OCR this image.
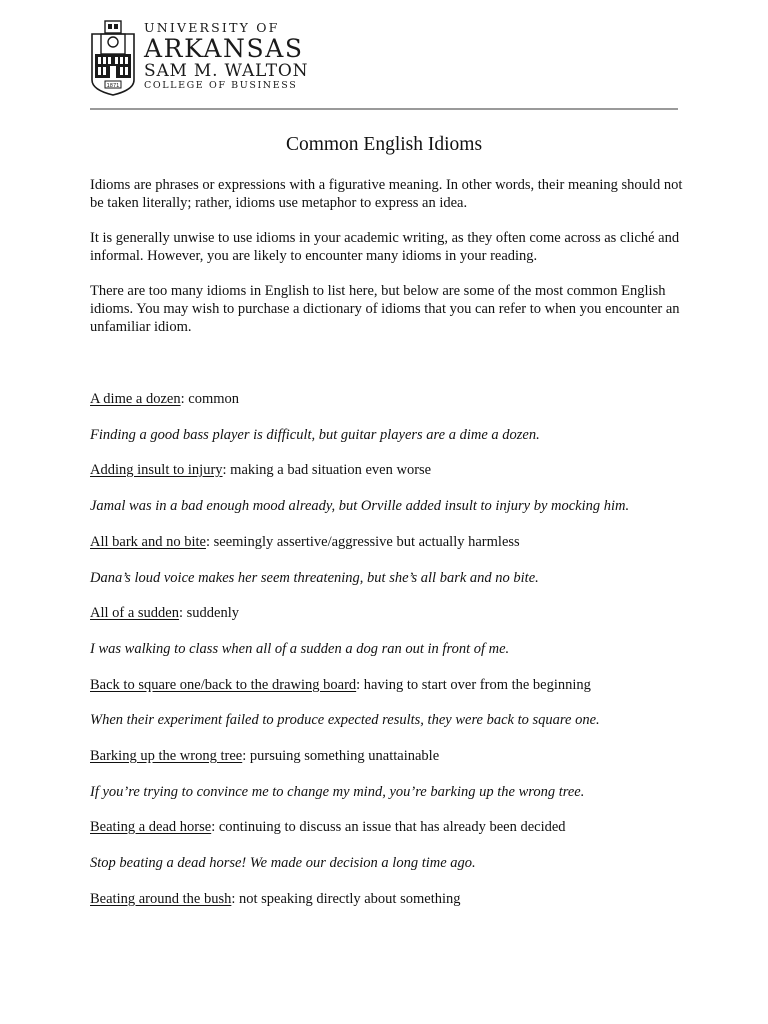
1871
UNIVERSITY OF
ARKANSAS
SAM M. WALTON
COLLEGE OF BUSINESS
Common English Idioms

Idioms are phrases or expressions with a figurative meaning. In other words, their meaning should not be taken literally; rather, idioms use metaphor to express an idea.

It is generally unwise to use idioms in your academic writing, as they often come across as cliché and informal. However, you are likely to encounter many idioms in your reading.

There are too many idioms in English to list here, but below are some of the most common English idioms. You may wish to purchase a dictionary of idioms that you can refer to when you encounter an unfamiliar idiom.

A dime a dozen: common
Finding a good bass player is difficult, but guitar players are a dime a dozen.
Adding insult to injury: making a bad situation even worse
Jamal was in a bad enough mood already, but Orville added insult to injury by mocking him.
All bark and no bite: seemingly assertive/aggressive but actually harmless
Dana’s loud voice makes her seem threatening, but she’s all bark and no bite.
All of a sudden: suddenly
I was walking to class when all of a sudden a dog ran out in front of me.
Back to square one/back to the drawing board: having to start over from the beginning
When their experiment failed to produce expected results, they were back to square one.
Barking up the wrong tree: pursuing something unattainable
If you’re trying to convince me to change my mind, you’re barking up the wrong tree.
Beating a dead horse: continuing to discuss an issue that has already been decided
Stop beating a dead horse! We made our decision a long time ago.
Beating around the bush: not speaking directly about something
